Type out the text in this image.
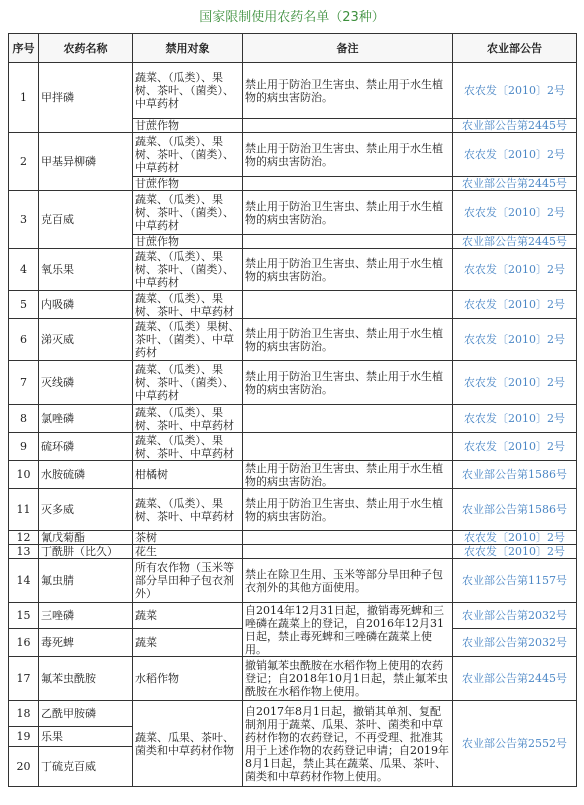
国家限制使用农药名单（23种）
序号	农药名称	禁用对象	备注	农业部公告
1	甲拌磷	蔬菜、（瓜类）、果树、茶叶、（菌类）、中草药材	禁止用于防治卫生害虫、禁止用于水生植物的病虫害防治。	农农发〔2010〕2号
		甘蔗作物		农业部公告第2445号
2	甲基异柳磷	蔬菜、（瓜类）、果树、茶叶、（菌类）、中草药材	禁止用于防治卫生害虫、禁止用于水生植物的病虫害防治。	农农发〔2010〕2号
		甘蔗作物		农业部公告第2445号
3	克百威	蔬菜、（瓜类）、果树、茶叶、（菌类）、中草药材	禁止用于防治卫生害虫、禁止用于水生植物的病虫害防治。	农农发〔2010〕2号
		甘蔗作物		农业部公告第2445号
4	氧乐果	蔬菜、（瓜类）、果树、茶叶、（菌类）、中草药材	禁止用于防治卫生害虫、禁止用于水生植物的病虫害防治。	农农发〔2010〕2号
5	内吸磷	蔬菜、（瓜类）、果树、茶叶、中草药材		农农发〔2010〕2号
6	涕灭威	蔬菜、（瓜类）果树、茶叶、（菌类）、中草药材	禁止用于防治卫生害虫、禁止用于水生植物的病虫害防治。	农农发〔2010〕2号
7	灭线磷	蔬菜、（瓜类）、果树、茶叶、（菌类）、中草药材	禁止用于防治卫生害虫、禁止用于水生植物的病虫害防治。	农农发〔2010〕2号
8	氯唑磷	蔬菜、（瓜类）、果树、茶叶、中草药材		农农发〔2010〕2号
9	硫环磷	蔬菜、（瓜类）、果树、茶叶、中草药材		农农发〔2010〕2号
10	水胺硫磷	柑橘树	禁止用于防治卫生害虫、禁止用于水生植物的病虫害防治。	农业部公告第1586号
11	灭多威	蔬菜、（瓜类）、果树、茶叶、中草药材	禁止用于防治卫生害虫、禁止用于水生植物的病虫害防治。	农业部公告第1586号
12	氰戊菊酯	茶树		农农发〔2010〕2号
13	丁酰肼（比久）	花生		农农发〔2010〕2号
14	氟虫腈	所有农作物（玉米等部分旱田种子包衣剂外）	禁止在除卫生用、玉米等部分旱田种子包衣剂外的其他方面使用。	农业部公告第1157号
15	三唑磷	蔬菜	自2014年12月31日起，撤销毒死蜱和三唑磷在蔬菜上的登记，自2016年12月31日起，禁止毒死蜱和三唑磷在蔬菜上使用。	农业部公告第2032号
16	毒死蜱	蔬菜		农业部公告第2032号
17	氟苯虫酰胺	水稻作物	撤销氟苯虫酰胺在水稻作物上使用的农药登记；自2018年10月1日起，禁止氟苯虫酰胺在水稻作物上使用。	农业部公告第2445号
18	乙酰甲胺磷	蔬菜、瓜果、茶叶、菌类和中草药材作物	自2017年8月1日起，撤销其单剂、复配制剂用于蔬菜、瓜果、茶叶、菌类和中草药材作物的农药登记，不再受理、批准其用于上述作物的农药登记申请；自2019年8月1日起，禁止其在蔬菜、瓜果、茶叶、菌类和中草药材作物上使用。	农业部公告第2552号
19	乐果			
20	丁硫克百威			
